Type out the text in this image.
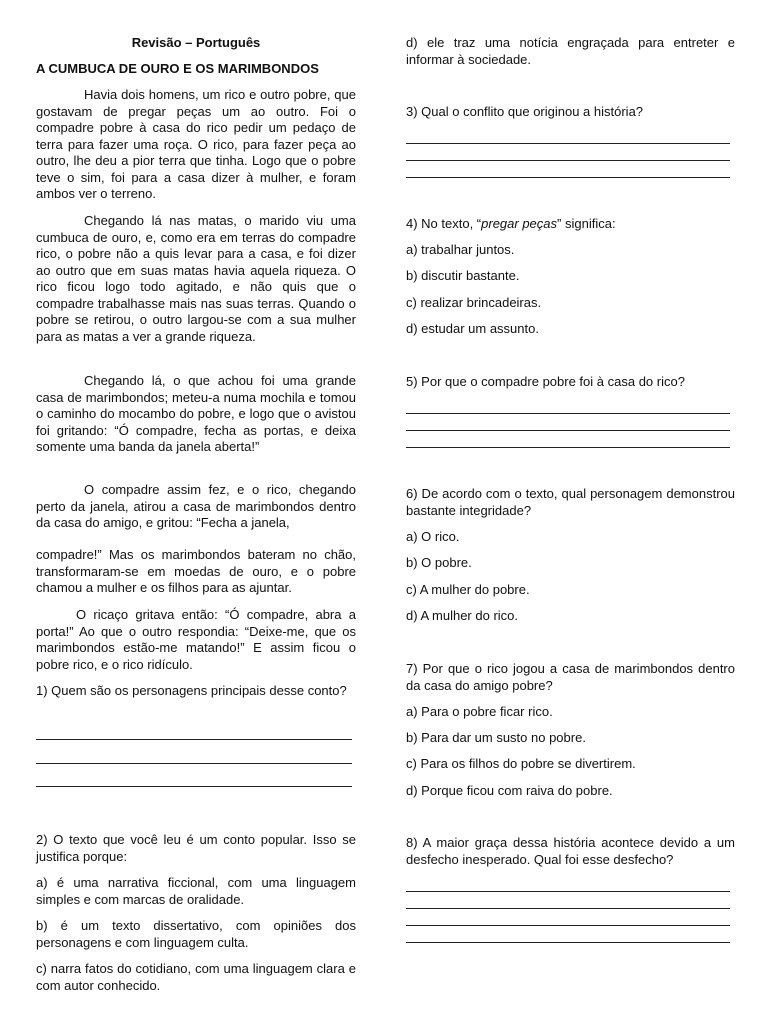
Revisão – Português
A CUMBUCA DE OURO E OS MARIMBONDOS

Havia dois homens, um rico e outro pobre, que gostavam de pregar peças um ao outro. Foi o compadre pobre à casa do rico pedir um pedaço de terra para fazer uma roça. O rico, para fazer peça ao outro, lhe deu a pior terra que tinha. Logo que o pobre teve o sim, foi para a casa dizer à mulher, e foram ambos ver o terreno.

Chegando lá nas matas, o marido viu uma cumbuca de ouro, e, como era em terras do compadre rico, o pobre não a quis levar para a casa, e foi dizer ao outro que em suas matas havia aquela riqueza. O rico ficou logo todo agitado, e não quis que o compadre trabalhasse mais nas suas terras. Quando o pobre se retirou, o outro largou-se com a sua mulher para as matas a ver a grande riqueza.

Chegando lá, o que achou foi uma grande casa de marimbondos; meteu-a numa mochila e tomou o caminho do mocambo do pobre, e logo que o avistou foi gritando: “Ó compadre, fecha as portas, e deixa somente uma banda da janela aberta!”

O compadre assim fez, e o rico, chegando perto da janela, atirou a casa de marimbondos dentro da casa do amigo, e gritou: “Fecha a janela,

compadre!” Mas os marimbondos bateram no chão, transformaram-se em moedas de ouro, e o pobre chamou a mulher e os filhos para as ajuntar.

O ricaço gritava então: “Ó compadre, abra a porta!” Ao que o outro respondia: “Deixe-me, que os marimbondos estão-me matando!” E assim ficou o pobre rico, e o rico ridículo.

1) Quem são os personagens principais desse conto?

2) O texto que você leu é um conto popular. Isso se justifica porque:

a) é uma narrativa ficcional, com uma linguagem simples e com marcas de oralidade.

b) é um texto dissertativo, com opiniões dos personagens e com linguagem culta.

c) narra fatos do cotidiano, com uma linguagem clara e com autor conhecido.

d) ele traz uma notícia engraçada para entreter e informar à sociedade.

3) Qual o conflito que originou a história?

4) No texto, “pregar peças” significa:

a) trabalhar juntos.

b) discutir bastante.

c) realizar brincadeiras.

d) estudar um assunto.

5) Por que o compadre pobre foi à casa do rico?

6) De acordo com o texto, qual personagem demonstrou bastante integridade?

a) O rico.

b) O pobre.

c) A mulher do pobre.

d) A mulher do rico.

7) Por que o rico jogou a casa de marimbondos dentro da casa do amigo pobre?

a) Para o pobre ficar rico.

b) Para dar um susto no pobre.

c) Para os filhos do pobre se divertirem.

d) Porque ficou com raiva do pobre.

8) A maior graça dessa história acontece devido a um desfecho inesperado. Qual foi esse desfecho?
